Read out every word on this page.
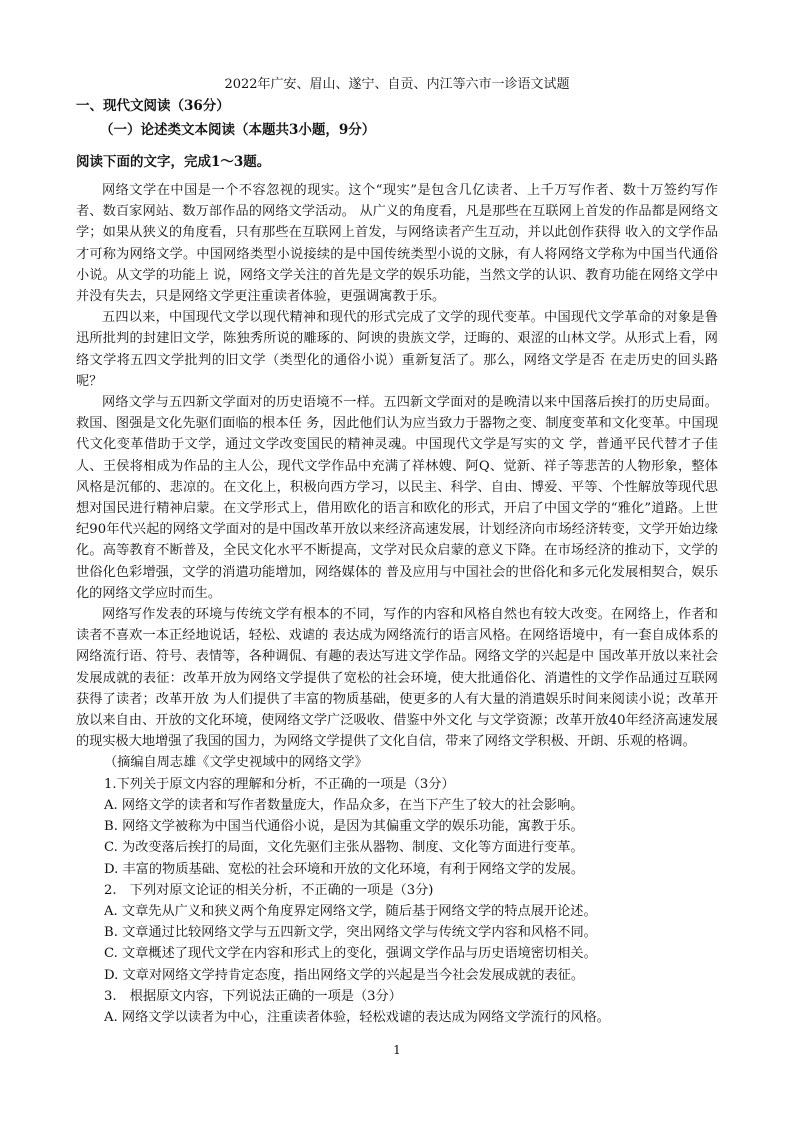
2022年广安、眉山、遂宁、自贡、内江等六市一诊语文试题
一、现代文阅读（36分）
（一）论述类文本阅读（本题共3小题，9分）
阅读下面的文字，完成1～3题。

网络文学在中国是一个不容忽视的现实。这个“现实”是包含几亿读者、上千万写作者、数十万签约写作者、数百家网站、数万部作品的网络文学活动。 从广义的角度看，凡是那些在互联网上首发的作品都是网络文学；如果从狭义的角度看，只有那些在互联网上首发，与网络读者产生互动，并以此创作获得 收入的文学作品才可称为网络文学。中国网络类型小说接续的是中国传统类型小说的文脉，有人将网络文学称为中国当代通俗小说。从文学的功能上 说，网络文学关注的首先是文学的娱乐功能，当然文学的认识、教育功能在网络文学中并没有失去，只是网络文学更注重读者体验，更强调寓教于乐。

五四以来，中国现代文学以现代精神和现代的形式完成了文学的现代变革。中国现代文学革命的对象是鲁迅所批判的封建旧文学，陈独秀所说的雕琢的、阿谀的贵族文学，迂晦的、艰涩的山林文学。从形式上看，网络文学将五四文学批判的旧文学（类型化的通俗小说）重新复活了。那么，网络文学是否 在走历史的回头路呢？

网络文学与五四新文学面对的历史语境不一样。五四新文学面对的是晚清以来中国落后挨打的历史局面。救国、图强是文化先驱们面临的根本任 务，因此他们认为应当致力于器物之变、制度变革和文化变革。中国现代文化变革借助于文学，通过文学改变国民的精神灵魂。中国现代文学是写实的文 学，普通平民代替才子佳人、王侯将相成为作品的主人公，现代文学作品中充满了祥林嫂、阿Q、觉新、祥子等悲苦的人物形象，整体风格是沉郁的、悲凉的。在文化上，积极向西方学习，以民主、科学、自由、博爱、平等、个性解放等现代思想对国民进行精神启蒙。在文学形式上，借用欧化的语言和欧化的形式，开启了中国文学的“雅化”道路。上世纪90年代兴起的网络文学面对的是中国改革开放以来经济高速发展，计划经济向市场经济转变，文学开始边缘化。高等教育不断普及，全民文化水平不断提高，文学对民众启蒙的意义下降。在市场经济的推动下，文学的世俗化色彩增强，文学的消遣功能增加，网络媒体的 普及应用与中国社会的世俗化和多元化发展相契合，娱乐化的网络文学应时而生。

网络写作发表的环境与传统文学有根本的不同，写作的内容和风格自然也有较大改变。在网络上，作者和读者不喜欢一本正经地说话，轻松、戏谑的 表达成为网络流行的语言风格。在网络语境中，有一套自成体系的网络流行语、符号、表情等，各种调侃、有趣的表达写进文学作品。网络文学的兴起是中 国改革开放以来社会发展成就的表征：改革开放为网络文学提供了宽松的社会环境，使大批通俗化、消遣性的文学作品通过互联网获得了读者；改革开放 为人们提供了丰富的物质基础，使更多的人有大量的消遣娱乐时间来阅读小说；改革开放以来自由、开放的文化环境，使网络文学广泛吸收、借鉴中外文化 与文学资源；改革开放40年经济高速发展的现实极大地增强了我国的国力，为网络文学提供了文化自信，带来了网络文学积极、开朗、乐观的格调。

（摘编自周志雄《文学史视域中的网络文学》
1.下列关于原文内容的理解和分析，不正确的一项是（3分）
A. 网络文学的读者和写作者数量庞大，作品众多，在当下产生了较大的社会影响。
B. 网络文学被称为中国当代通俗小说，是因为其偏重文学的娱乐功能，寓教于乐。
C. 为改变落后挨打的局面，文化先驱们主张从器物、制度、文化等方面进行变革。
D. 丰富的物质基础、宽松的社会环境和开放的文化环境，有利于网络文学的发展。
2.　下列对原文论证的相关分析，不正确的一项是（3分)
A. 文章先从广义和狭义两个角度界定网络文学，随后基于网络文学的特点展开论述。
B. 文章通过比较网络文学与五四新文学，突出网络文学与传统文学内容和风格不同。
C. 文章概述了现代文学在内容和形式上的变化，强调文学作品与历史语境密切相关。
D. 文章对网络文学持肯定态度，指出网络文学的兴起是当今社会发展成就的表征。
3.　根据原文内容，下列说法正确的一项是（3分）
A. 网络文学以读者为中心，注重读者体验，轻松戏谑的表达成为网络文学流行的风格。
1
